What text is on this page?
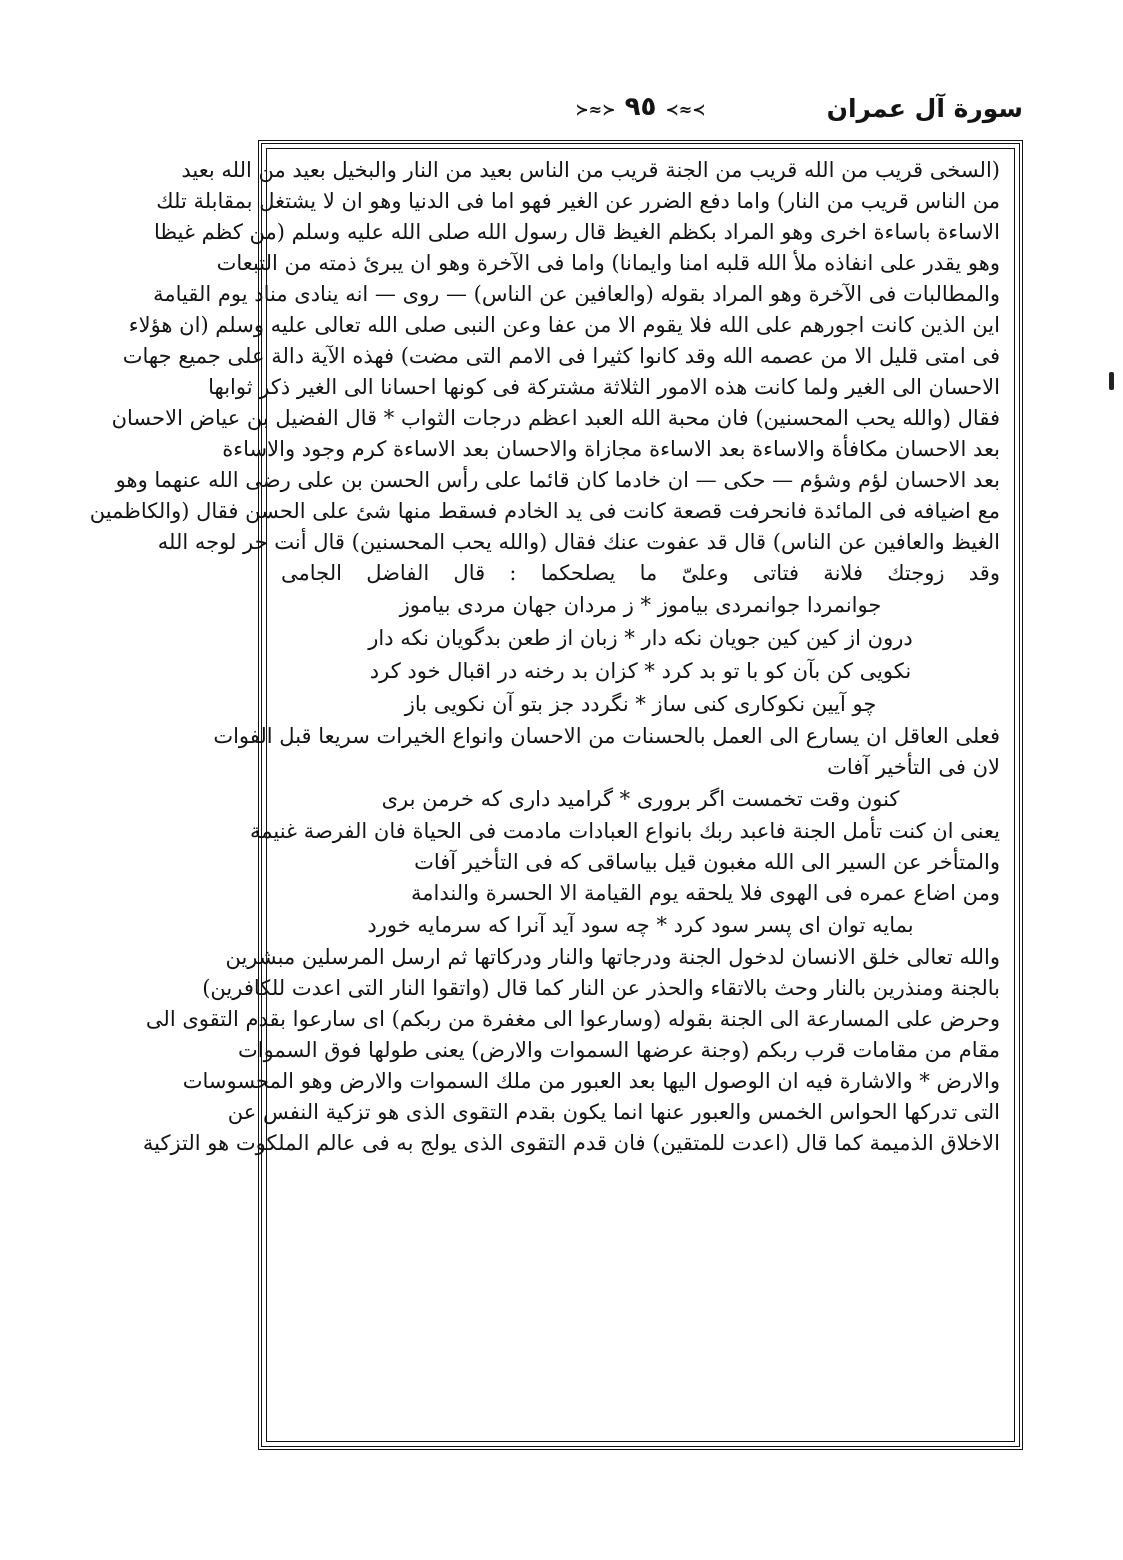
سورة آل عمران
≻≈≻ ٩٥ ≺≈≺
(السخى قريب من الله قريب من الجنة قريب من الناس بعيد من النار والبخيل بعيد من الله بعيد
من الناس قريب من النار) واما دفع الضرر عن الغير فهو اما فى الدنيا وهو ان لا يشتغل بمقابلة تلك
الاساءة باساءة اخرى وهو المراد بكظم الغيظ قال رسول الله صلى الله عليه وسلم (من كظم غيظا
وهو يقدر على انفاذه ملأ الله قلبه امنا وايمانا) واما فى الآخرة وهو ان يبرئ ذمته من التبعات
والمطالبات فى الآخرة وهو المراد بقوله (والعافين عن الناس) — روى — انه ينادى مناد يوم القيامة
اين الذين كانت اجورهم على الله فلا يقوم الا من عفا وعن النبى صلى الله تعالى عليه وسلم (ان هؤلاء
فى امتى قليل الا من عصمه الله وقد كانوا كثيرا فى الامم التى مضت) فهذه الآية دالة على جميع جهات
الاحسان الى الغير ولما كانت هذه الامور الثلاثة مشتركة فى كونها احسانا الى الغير ذكر ثوابها
فقال (والله يحب المحسنين) فان محبة الله العبد اعظم درجات الثواب * قال الفضيل بن عياض الاحسان
بعد الاحسان مكافأة والاساءة بعد الاساءة مجازاة والاحسان بعد الاساءة كرم وجود والاساءة
بعد الاحسان لؤم وشؤم — حكى — ان خادما كان قائما على رأس الحسن بن على رضى الله عنهما وهو
مع اضيافه فى المائدة فانحرفت قصعة كانت فى يد الخادم فسقط منها شئ على الحسن فقال (والكاظمين
الغيظ والعافين عن الناس) قال قد عفوت عنك فقال (والله يحب المحسنين) قال أنت حر لوجه الله
وقد زوجتك فلانة فتاتى وعلىّ ما يصلحكما : قال الفاضل الجامى
جوانمردا جوانمردى بياموز * ز مردان جهان مردى بياموز
درون از كين كين جويان نكه دار * زبان از طعن بدگويان نكه دار
نكويى كن بآن كو با تو بد كرد * كزان بد رخنه در اقبال خود كرد
چو آيين نكوكارى كنى ساز * نگردد جز بتو آن نكويى باز
فعلى العاقل ان يسارع الى العمل بالحسنات من الاحسان وانواع الخيرات سريعا قبل الفوات
لان فى التأخير آفات
كنون وقت تخمست اگر بروری * گرامید داری كه خرمن بری
يعنى ان كنت تأمل الجنة فاعبد ربك بانواع العبادات مادمت فى الحياة فان الفرصة غنيمة
والمتأخر عن السير الى الله مغبون قيل بياساقى كه فى التأخير آفات
ومن اضاع عمره فى الهوى فلا يلحقه يوم القيامة الا الحسرة والندامة
بمايه توان اى پسر سود كرد * چه سود آيد آنرا كه سرمايه خورد
والله تعالى خلق الانسان لدخول الجنة ودرجاتها والنار ودركاتها ثم ارسل المرسلين مبشرين
بالجنة ومنذرين بالنار وحث بالاتقاء والحذر عن النار كما قال (واتقوا النار التى اعدت للكافرين)
وحرض على المسارعة الى الجنة بقوله (وسارعوا الى مغفرة من ربكم) اى سارعوا بقدم التقوى الى
مقام من مقامات قرب ربكم (وجنة عرضها السموات والارض) يعنى طولها فوق السموات
والارض * والاشارة فيه ان الوصول اليها بعد العبور من ملك السموات والارض وهو المحسوسات
التى تدركها الحواس الخمس والعبور عنها انما يكون بقدم التقوى الذى هو تزكية النفس عن
الاخلاق الذميمة كما قال (اعدت للمتقين) فان قدم التقوى الذى يولج به فى عالم الملكوت هو التزكية
